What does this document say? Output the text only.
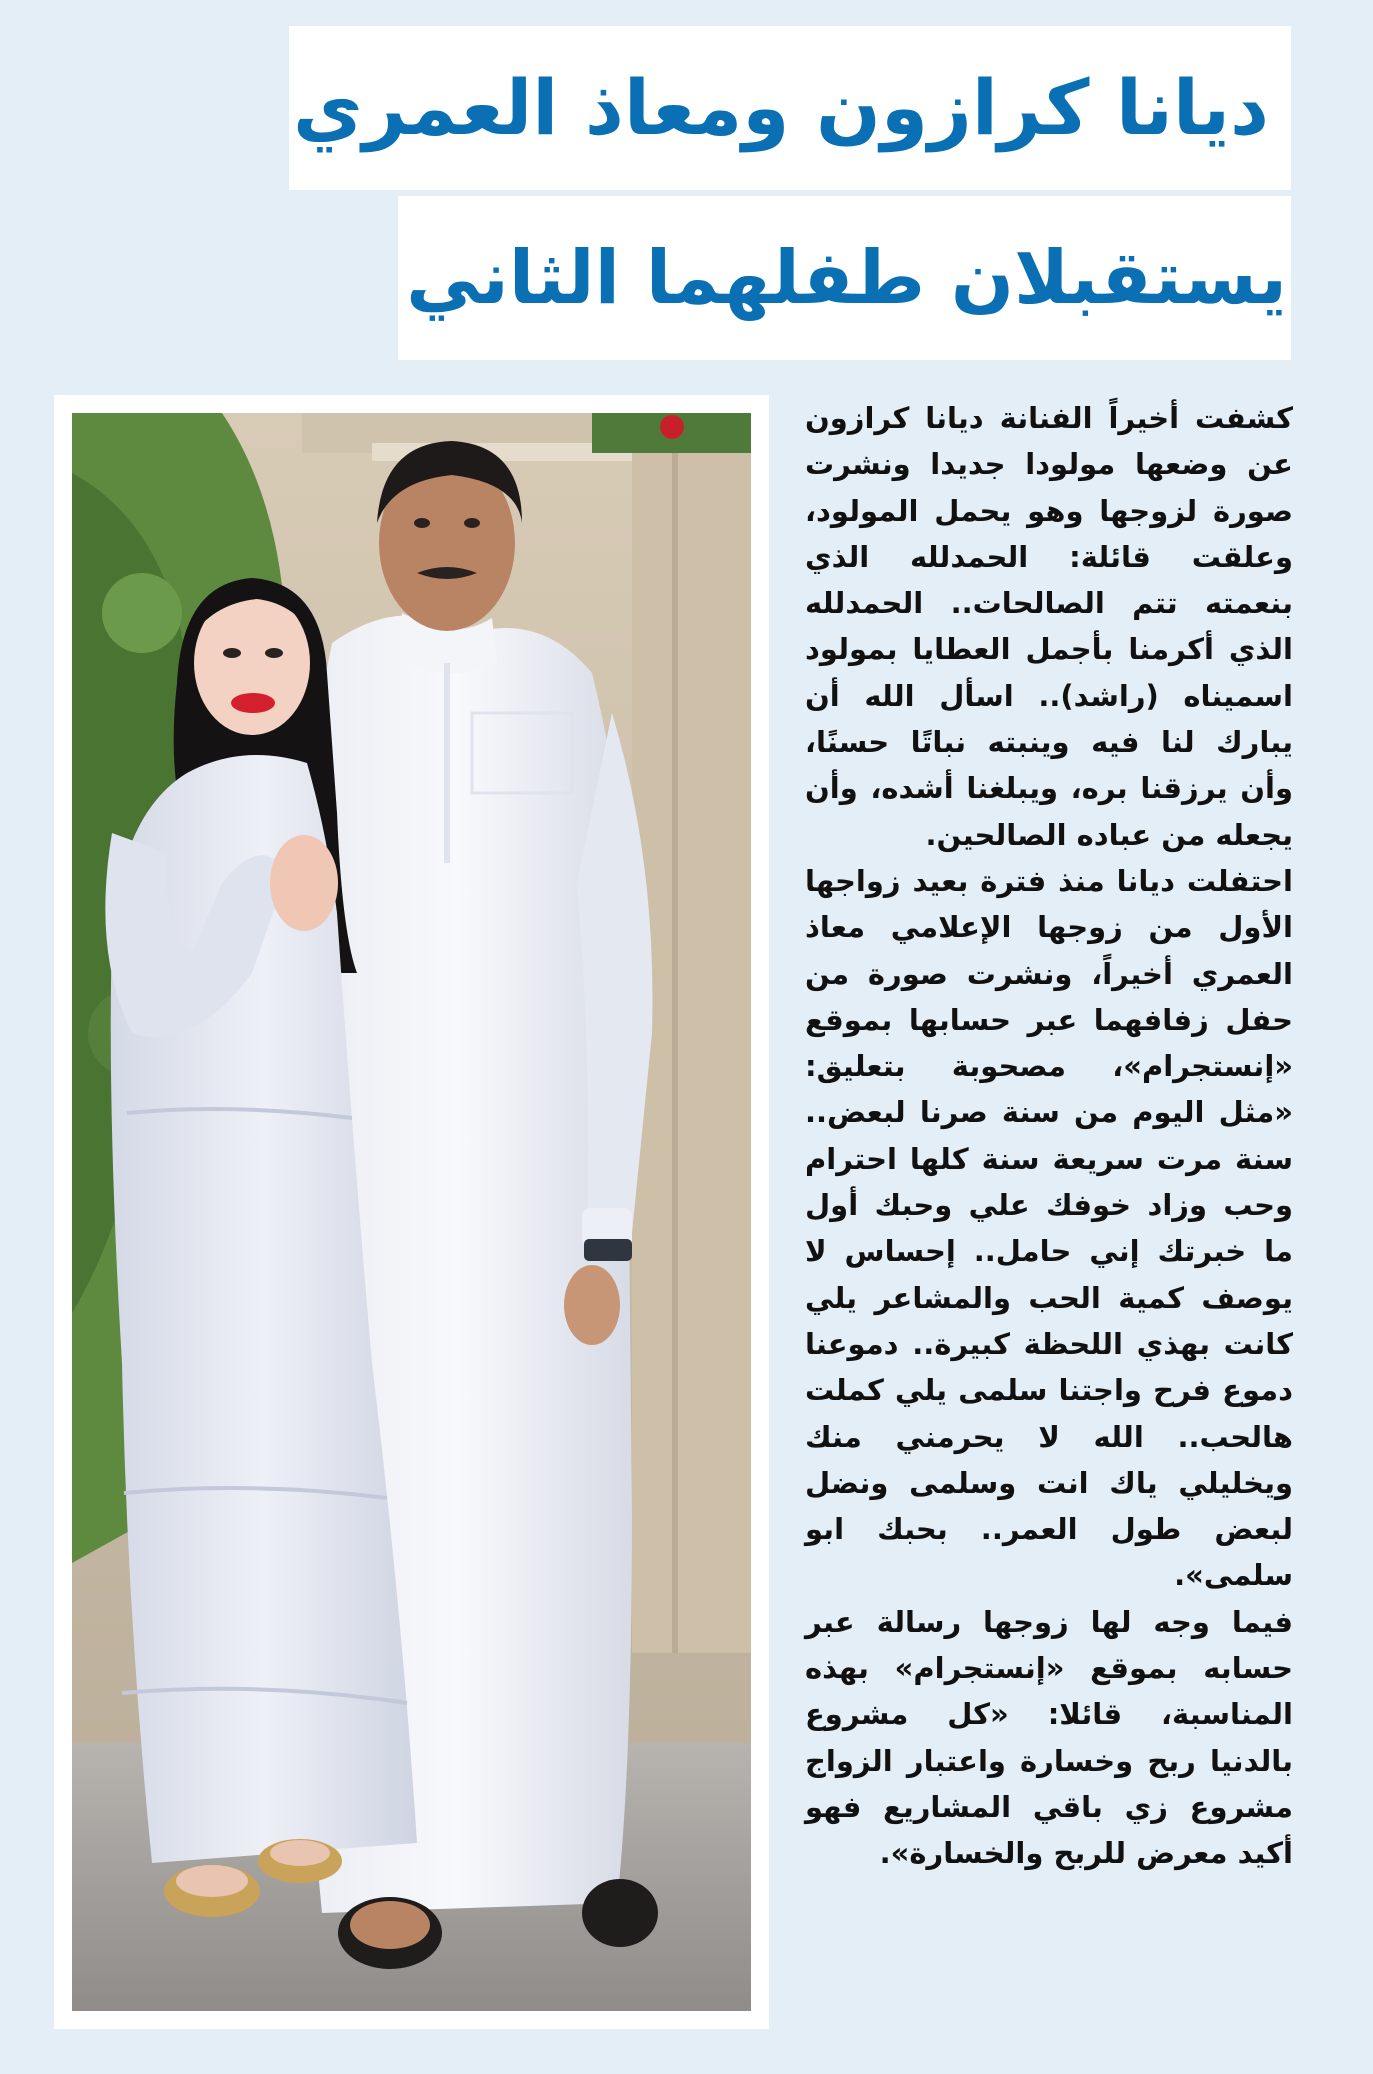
ديانا كرازون ومعاذ العمري
يستقبلان طفلهما الثاني

كشفت أخيراً الفنانة ديانا كرازون عن وضعها مولودا جديدا ونشرت صورة لزوجها وهو يحمل المولود، وعلقت قائلة: الحمدلله الذي بنعمته تتم الصالحات.. الحمدلله الذي أكرمنا بأجمل العطايا بمولود اسميناه (راشد).. اسأل الله أن يبارك لنا فيه وينبته نباتًا حسنًا، وأن يرزقنا بره، ويبلغنا أشده، وأن يجعله من عباده الصالحين.

احتفلت ديانا منذ فترة بعيد زواجها الأول من زوجها الإعلامي معاذ العمري أخيراً، ونشرت صورة من حفل زفافهما عبر حسابها بموقع «إنستجرام»، مصحوبة بتعليق: «مثل اليوم من سنة صرنا لبعض.. سنة مرت سريعة سنة كلها احترام وحب وزاد خوفك علي وحبك أول ما خبرتك إني حامل.. إحساس لا يوصف كمية الحب والمشاعر يلي كانت بهذي اللحظة كبيرة.. دموعنا دموع فرح واجتنا سلمى يلي كملت هالحب.. الله لا يحرمني منك ويخليلي ياك انت وسلمى ونضل لبعض طول العمر.. بحبك ابو سلمى».

فيما وجه لها زوجها رسالة عبر حسابه بموقع «إنستجرام» بهذه المناسبة، قائلا: «كل مشروع بالدنيا ربح وخسارة واعتبار الزواج مشروع زي باقي المشاريع فهو أكيد معرض للربح والخسارة».
